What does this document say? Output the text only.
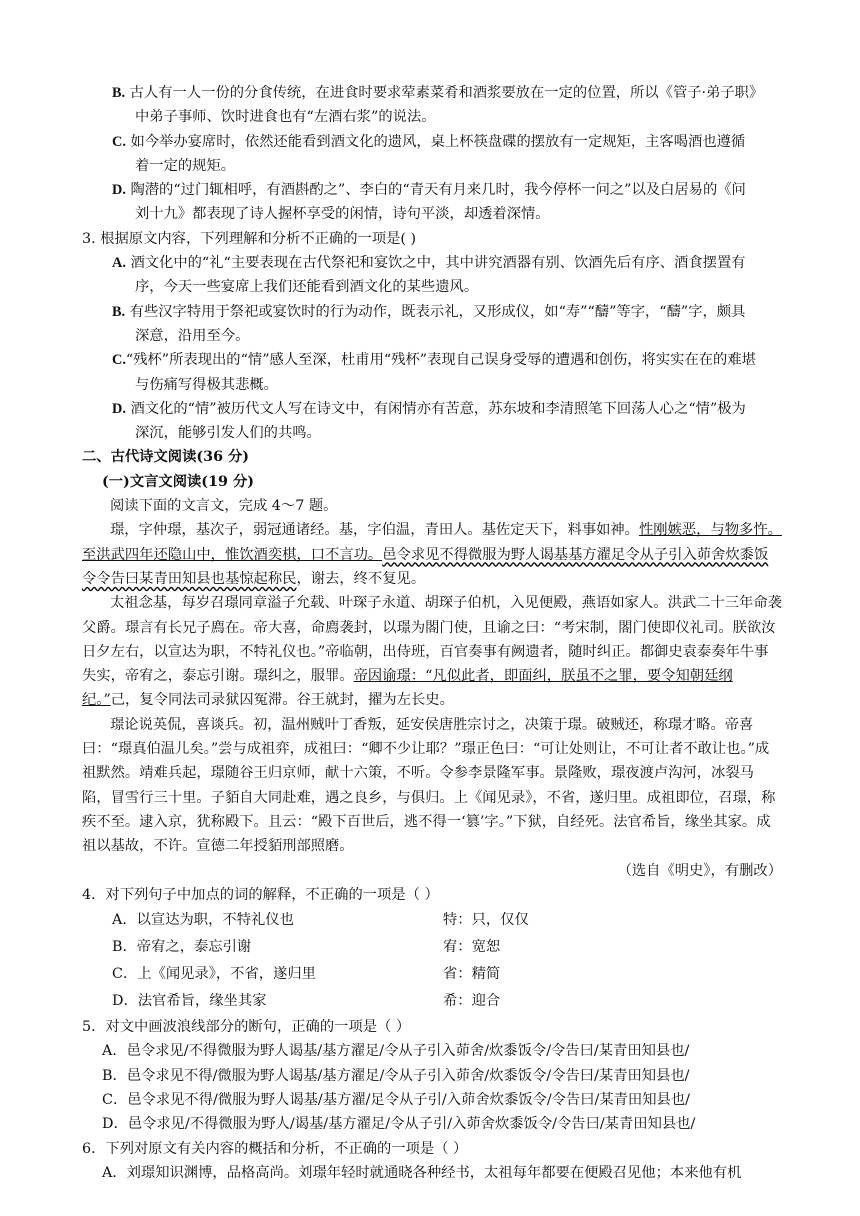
B. 古人有一人一份的分食传统，在进食时要求荤素菜肴和酒浆要放在一定的位置，所以《管子·弟子职》
中弟子事师、饮时进食也有“左酒右浆”的说法。
C. 如今举办宴席时，依然还能看到酒文化的遗风，桌上杯筷盘碟的摆放有一定规矩，主客喝酒也遵循
着一定的规矩。
D. 陶潜的“过门辄相呼，有酒斟酌之”、李白的“青天有月来几时，我今停杯一问之”以及白居易的《问
刘十九》都表现了诗人握杯享受的闲情，诗句平淡，却透着深情。
3. 根据原文内容，下列理解和分析不正确的一项是( )
A. 酒文化中的“礼“主要表现在古代祭祀和宴饮之中，其中讲究酒器有别、饮酒先后有序、酒食摆置有
序，今天一些宴席上我们还能看到酒文化的某些遗风。
B. 有些汉字特用于祭祀或宴饮时的行为动作，既表示礼，又形成仪，如“寿”“醻”等字，“醻”字，颇具
深意，沿用至今。
C.“残杯”所表现出的“情”感人至深，杜甫用“残杯”表现自己误身受辱的遭遇和创伤，将实实在在的难堪
与伤痛写得极其悲概。
D. 酒文化的“情”被历代文人写在诗文中，有闲情亦有苦意，苏东坡和李清照笔下回荡人心之“情”极为
深沉，能够引发人们的共鸣。
二、古代诗文阅读(36 分)
(一)文言文阅读(19 分)
阅读下面的文言文，完成 4～7 题。
璟，字仲璟，基次子，弱冠通诸经。基，字伯温，青田人。基佐定天下，料事如神。性刚嫉恶，与物多忤。至洪武四年还隐山中，惟饮酒奕棋，口不言功。邑令求见不得微服为野人谒基基方濯足令从子引入茆舍炊黍饭令令告曰某青田知县也基惊起称民，谢去，终不复见。
太祖念基，每岁召璟同章溢子允载、叶琛子永道、胡琛子伯机，入见便殿，燕语如家人。洪武二十三年命袭父爵。璟言有长兄子廌在。帝大喜，命廌袭封，以璟为閤门使，且谕之曰：“考宋制，閤门使即仪礼司。朕欲汝日夕左右，以宣达为职，不特礼仪也。”帝临朝，出侍班，百官奏事有阙遗者，随时纠正。都御史袁泰奏年牛事失实，帝宥之，泰忘引谢。璟纠之，服罪。帝因谕璟：“凡似此者，即面纠，朕虽不之罪，要令知朝廷纲纪。”己，复令同法司录狱囚冤滞。谷王就封，擢为左长史。
璟论说英侃，喜谈兵。初，温州贼叶丁香叛，延安侯唐胜宗讨之，决策于璟。破贼还，称璟才略。帝喜曰：“璟真伯温儿矣。”尝与成祖弈，成祖曰：“卿不少让耶？”璟正色曰：“可让处则让，不可让者不敢让也。”成祖默然。靖难兵起，璟随谷王归京师，献十六策，不听。令参李景隆军事。景隆败，璟夜渡卢沟河，冰裂马陷，冒雪行三十里。子貊自大同赴难，遇之良乡，与俱归。上《闻见录》，不省，遂归里。成祖即位，召璟，称疾不至。逮入京，犹称殿下。且云：“殿下百世后，逃不得一‘篡’字。”下狱，自经死。法官希旨，缘坐其家。成祖以基故，不许。宣德二年授貊刑部照磨。
（选自《明史》，有删改）
4．对下列句子中加点的词的解释，不正确的一项是（ ）
A．以宣达为职，不特礼仪也	特：只，仅仅
B．帝宥之，泰忘引谢	宥：宽恕
C．上《闻见录》，不省，遂归里	省：精简
D．法官希旨，缘坐其家	希：迎合
5．对文中画波浪线部分的断句，正确的一项是（ ）
A．邑令求见/不得微服为野人谒基/基方濯足/令从子引入茆舍/炊黍饭令/令告曰/某青田知县也/
B．邑令求见不得/微服为野人谒基/基方濯足/令从子引入茆舍/炊黍饭令/令告曰/某青田知县也/
C．邑令求见不得/微服为野人谒基/基方濯/足令从子引/入茆舍炊黍饭令/令告曰/某青田知县也/
D．邑令求见/不得微服为野人/谒基/基方濯足/令从子引/入茆舍炊黍饭令/令告曰/某青田知县也/
6．下列对原文有关内容的概括和分析，不正确的一项是（ ）
A．刘璟知识渊博，品格高尚。刘璟年轻时就通晓各种经书，太祖每年都要在便殿召见他；本来他有机
